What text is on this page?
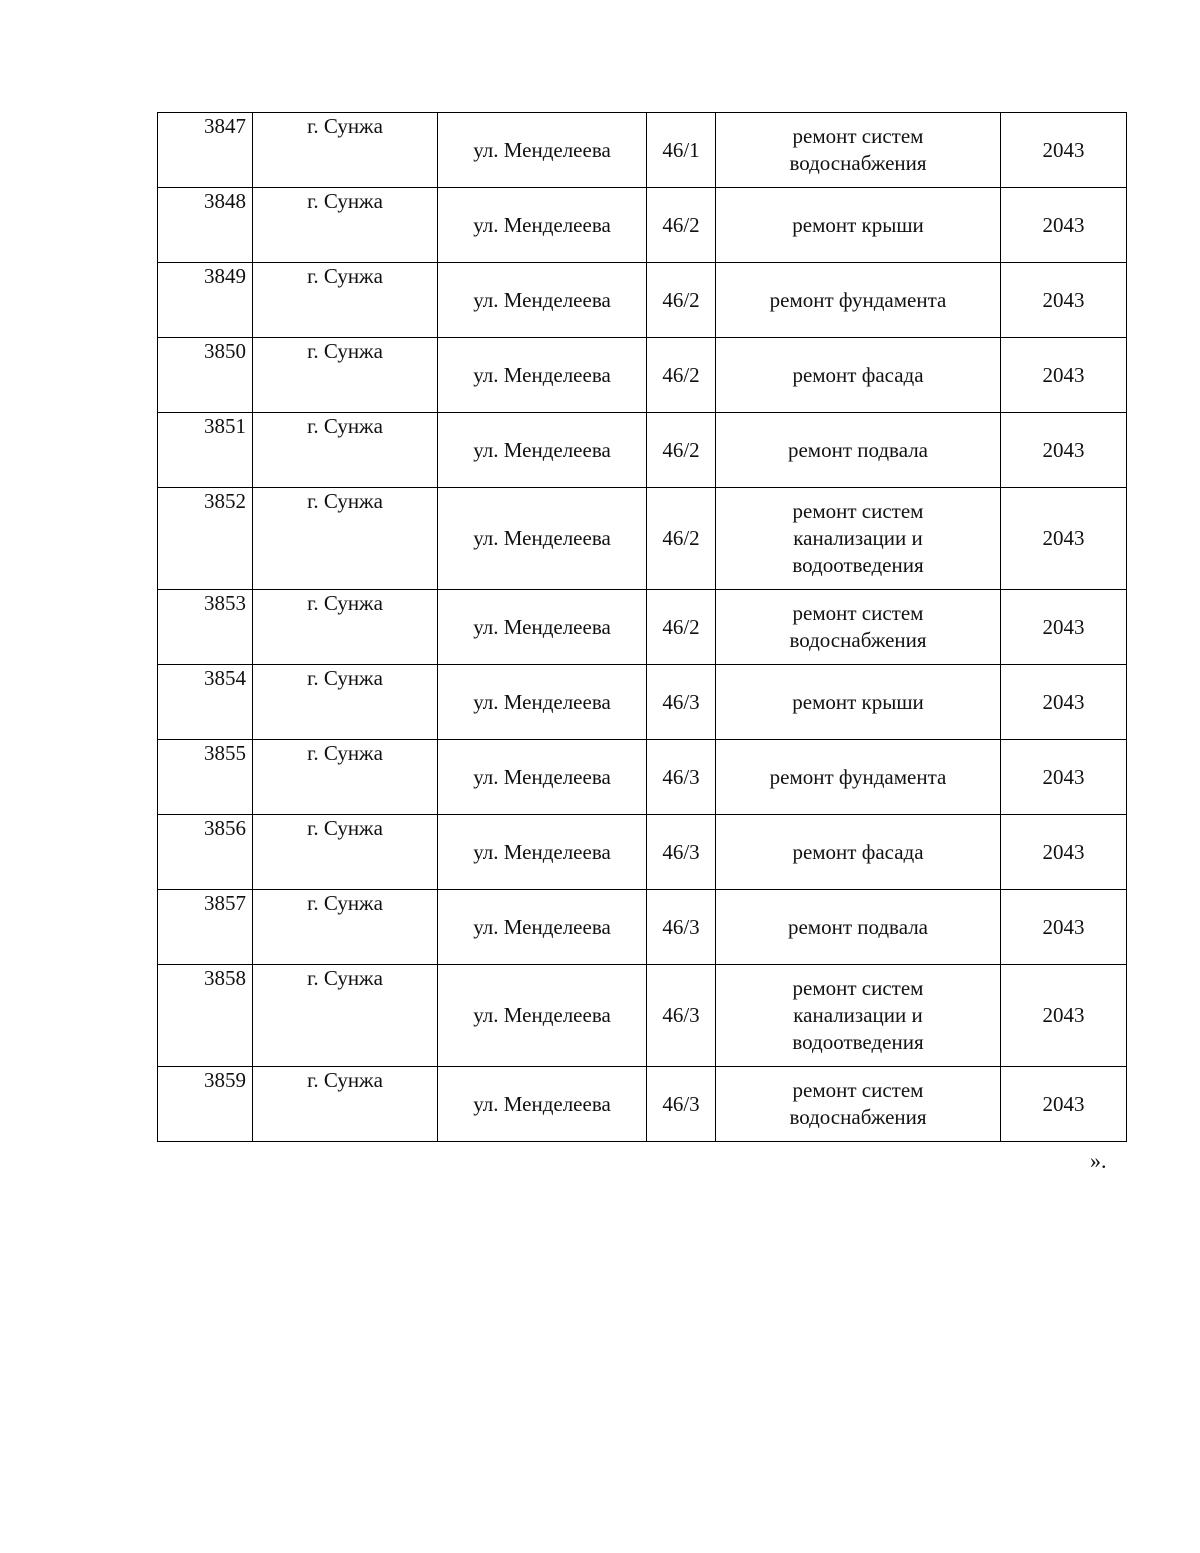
3847	г. Сунжа	ул. Менделеева	46/1	ремонт систем
водоснабжения	2043
3848	г. Сунжа	ул. Менделеева	46/2	ремонт крыши	2043
3849	г. Сунжа	ул. Менделеева	46/2	ремонт фундамента	2043
3850	г. Сунжа	ул. Менделеева	46/2	ремонт фасада	2043
3851	г. Сунжа	ул. Менделеева	46/2	ремонт подвала	2043
3852	г. Сунжа	ул. Менделеева	46/2	ремонт систем
канализации и
водоотведения	2043
3853	г. Сунжа	ул. Менделеева	46/2	ремонт систем
водоснабжения	2043
3854	г. Сунжа	ул. Менделеева	46/3	ремонт крыши	2043
3855	г. Сунжа	ул. Менделеева	46/3	ремонт фундамента	2043
3856	г. Сунжа	ул. Менделеева	46/3	ремонт фасада	2043
3857	г. Сунжа	ул. Менделеева	46/3	ремонт подвала	2043
3858	г. Сунжа	ул. Менделеева	46/3	ремонт систем
канализации и
водоотведения	2043
3859	г. Сунжа	ул. Менделеева	46/3	ремонт систем
водоснабжения	2043
».
